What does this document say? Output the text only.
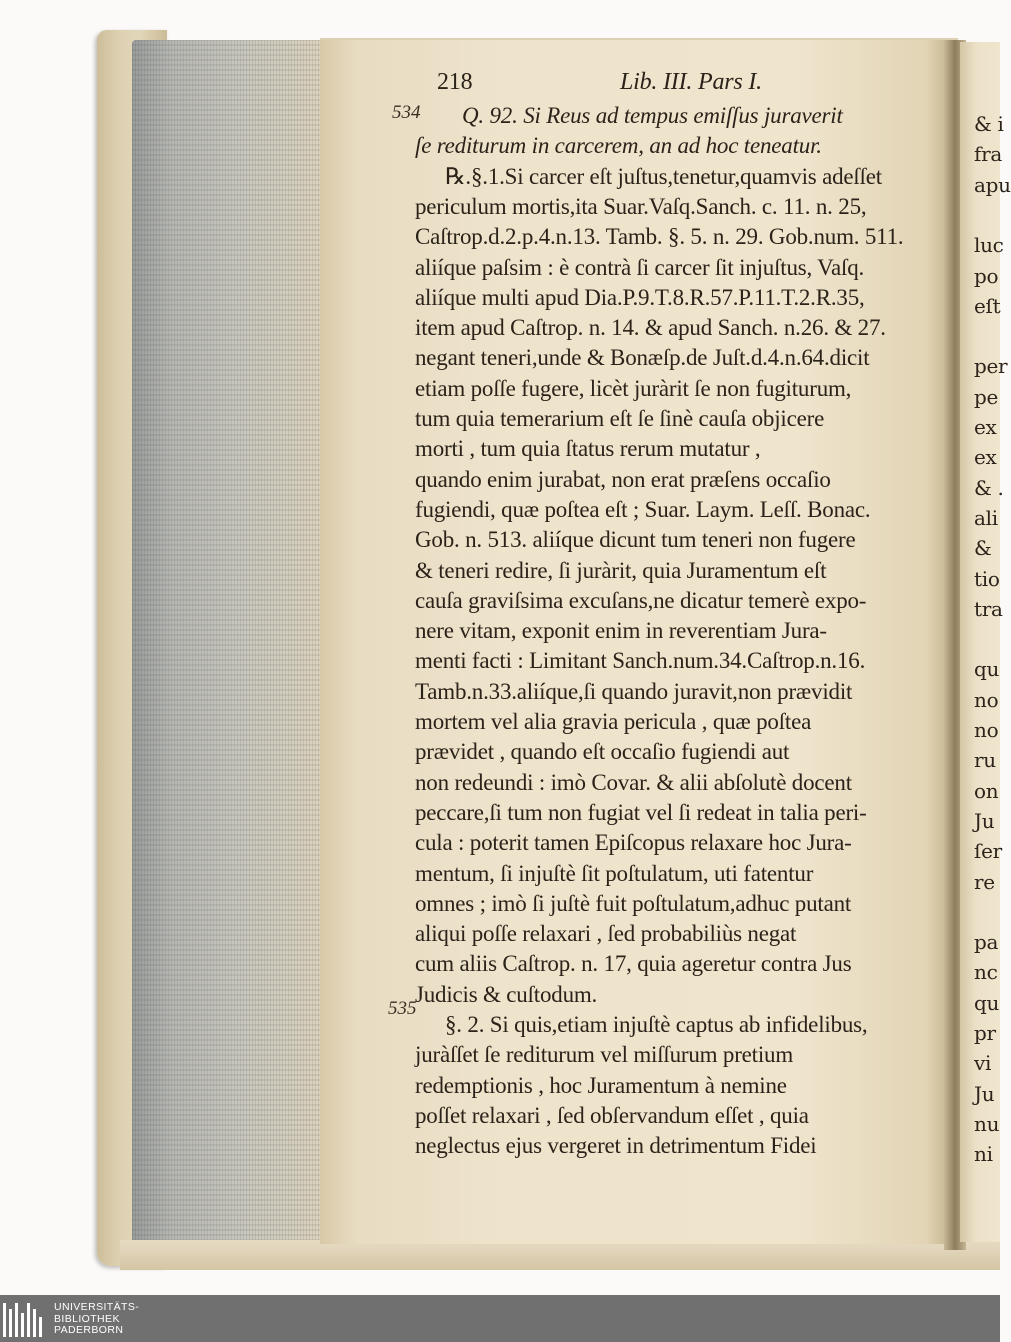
218	Lib. III. Pars I.
534
535
Q. 92. Si Reus ad tempus emiſſus juraverit
ſe rediturum in carcerem, an ad hoc teneatur.
℞.§.1.Si carcer eſt juſtus,tenetur,quamvis adeſſet
periculum mortis,ita Suar.Vaſq.Sanch. c. 11. n. 25,
Caſtrop.d.2.p.4.n.13. Tamb. §. 5. n. 29. Gob.num. 511.
aliíque paſsim : è contrà ſi carcer ſit injuſtus, Vaſq.
aliíque multi apud Dia.P.9.T.8.R.57.P.11.T.2.R.35,
item apud Caſtrop. n. 14. & apud Sanch. n.26. & 27.
negant teneri,unde & Bonæſp.de Juſt.d.4.n.64.dicit
etiam poſſe fugere, licèt juràrit ſe non fugiturum,
tum quia temerarium eſt ſe ſinè cauſa objicere
morti , tum quia ſtatus rerum mutatur ,
quando enim jurabat, non erat præſens occaſio
fugiendi, quæ poſtea eſt ; Suar. Laym. Leſſ. Bonac.
Gob. n. 513. aliíque dicunt tum teneri non fugere
& teneri redire, ſi juràrit, quia Juramentum eſt
cauſa graviſsima excuſans,ne dicatur temerè expo-
nere vitam, exponit enim in reverentiam Jura-
menti facti : Limitant Sanch.num.34.Caſtrop.n.16.
Tamb.n.33.aliíque,ſi quando juravit,non prævidit
mortem vel alia gravia pericula , quæ poſtea
prævidet , quando eſt occaſio fugiendi aut
non redeundi : imò Covar. & alii abſolutè docent
peccare,ſi tum non fugiat vel ſi redeat in talia peri-
cula : poterit tamen Epiſcopus relaxare hoc Jura-
mentum, ſi injuſtè ſit poſtulatum, uti fatentur
omnes ; imò ſi juſtè fuit poſtulatum,adhuc putant
aliqui poſſe relaxari , ſed probabiliùs negat
cum aliis Caſtrop. n. 17, quia ageretur contra Jus
Judicis & cuſtodum.
§. 2. Si quis,etiam injuſtè captus ab infidelibus,
juràſſet ſe rediturum vel miſſurum pretium
redemptionis , hoc Juramentum à nemine
poſſet relaxari , ſed obſervandum eſſet , quia
neglectus ejus vergeret in detrimentum Fidei
& i
fra
apu
luc
po
eſt
per
pe
ex
ex
& .
ali
&
tio
tra
qu
no
no
ru
on
Ju
ſer
re
pa
nc
qu
pr
vi
Ju
nu
ni
UNIVERSITÄTS-
BIBLIOTHEK
PADERBORN
